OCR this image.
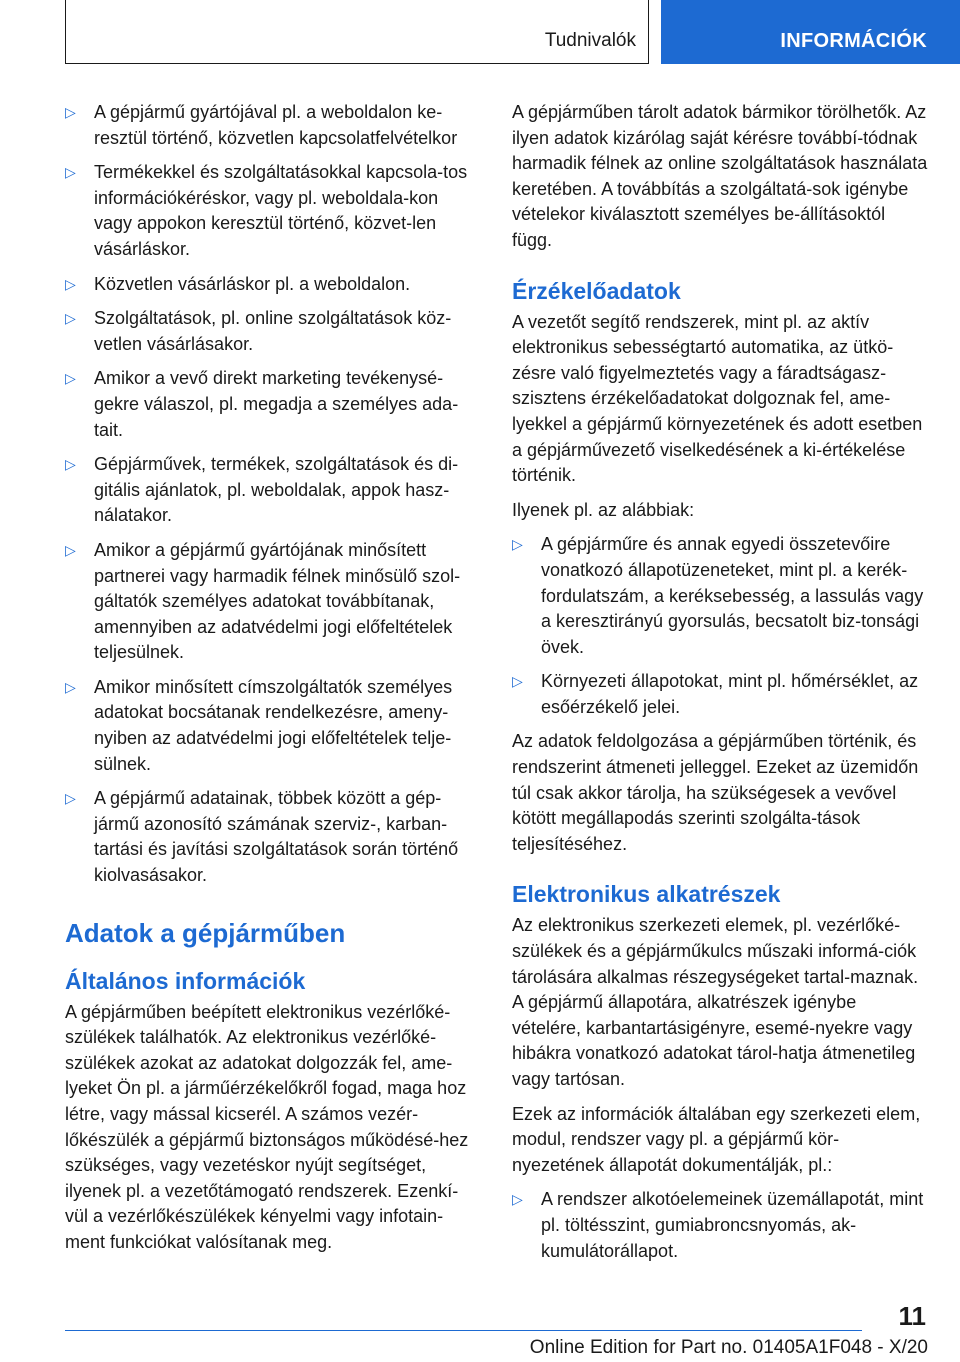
Tudnivalók	INFORMÁCIÓK
▷ A gépjármű gyártójával pl. a weboldalon ke-resztül történő, közvetlen kapcsolatfelvételkor
▷ Termékekkel és szolgáltatásokkal kapcsola-tos információkéréskor, vagy pl. weboldala-kon vagy appokon keresztül történő, közvet-len vásárláskor.
▷ Közvetlen vásárláskor pl. a weboldalon.
▷ Szolgáltatások, pl. online szolgáltatások köz-vetlen vásárlásakor.
▷ Amikor a vevő direkt marketing tevékenysé-gekre válaszol, pl. megadja a személyes ada-tait.
▷ Gépjárművek, termékek, szolgáltatások és di-gitális ajánlatok, pl. weboldalak, appok hasz-nálatakor.
▷ Amikor a gépjármű gyártójának minősített partnerei vagy harmadik félnek minősülő szol-gáltatók személyes adatokat továbbítanak, amennyiben az adatvédelmi jogi előfeltételek teljesülnek.
▷ Amikor minősített címszolgáltatók személyes adatokat bocsátanak rendelkezésre, ameny-nyiben az adatvédelmi jogi előfeltételek telje-sülnek.
▷ A gépjármű adatainak, többek között a gép-jármű azonosító számának szerviz-, karban-tartási és javítási szolgáltatások során történő kiolvasásakor.
Adatok a gépjárműben
Általános információk
A gépjárműben beépített elektronikus vezérlőké-szülékek találhatók. Az elektronikus vezérlőké-szülékek azokat az adatokat dolgozzák fel, ame-lyeket Ön pl. a járműérzékelőkről fogad, maga hoz létre, vagy mással kicserél. A számos vezér-lőkészülék a gépjármű biztonságos működésé-hez szükséges, vagy vezetéskor nyújt segítséget, ilyenek pl. a vezetőtámogató rendszerek. Ezenkí-vül a vezérlőkészülékek kényelmi vagy infotain-ment funkciókat valósítanak meg.
A gépjárműben tárolt adatok bármikor törölhetők. Az ilyen adatok kizárólag saját kérésre továbbí-tódnak harmadik félnek az online szolgáltatások használata keretében. A továbbítás a szolgáltatá-sok igénybe vételekor kiválasztott személyes be-állításoktól függ.
Érzékelőadatok
A vezetőt segítő rendszerek, mint pl. az aktív elektronikus sebességtartó automatika, az ütkö-zésre való figyelmeztetés vagy a fáradtságasz-szisztens érzékelőadatokat dolgoznak fel, ame-lyekkel a gépjármű környezetének és adott esetben a gépjárművezető viselkedésének a ki-értékelése történik.
Ilyenek pl. az alábbiak:
▷ A gépjárműre és annak egyedi összetevőire vonatkozó állapotüzeneteket, mint pl. a kerék-fordulatszám, a keréksebesség, a lassulás vagy a keresztirányú gyorsulás, becsatolt biz-tonsági övek.
▷ Környezeti állapotokat, mint pl. hőmérséklet, az esőérzékelő jelei.
Az adatok feldolgozása a gépjárműben történik, és rendszerint átmeneti jelleggel. Ezeket az üzemidőn túl csak akkor tárolja, ha szükségesek a vevővel kötött megállapodás szerinti szolgálta-tások teljesítéséhez.
Elektronikus alkatrészek
Az elektronikus szerkezeti elemek, pl. vezérlőké-szülékek és a gépjárműkulcs műszaki informá-ciók tárolására alkalmas részegységeket tartal-maznak. A gépjármű állapotára, alkatrészek igénybe vételére, karbantartásigényre, esemé-nyekre vagy hibákra vonatkozó adatokat tárol-hatja átmenetileg vagy tartósan.
Ezek az információk általában egy szerkezeti elem, modul, rendszer vagy pl. a gépjármű kör-nyezetének állapotát dokumentálják, pl.:
▷ A rendszer alkotóelemeinek üzemállapotát, mint pl. töltésszint, gumiabroncsnyomás, ak-kumulátorállapot.
11
Online Edition for Part no. 01405A1F048 - X/20
